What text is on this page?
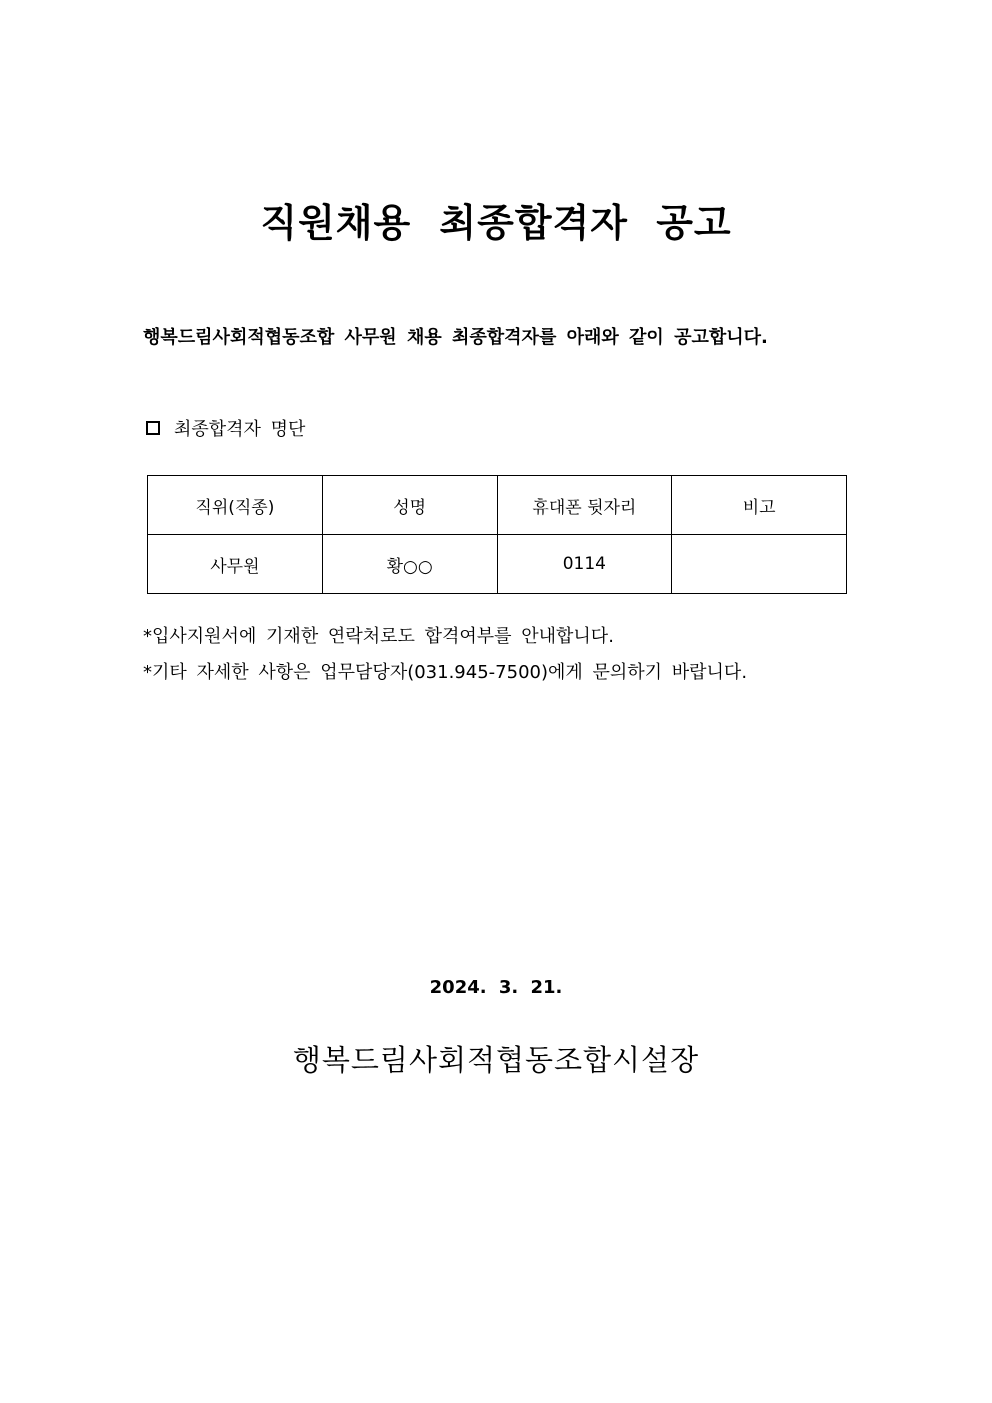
직원채용 최종합격자 공고
행복드림사회적협동조합 사무원 채용 최종합격자를 아래와 같이 공고합니다.
최종합격자 명단
직위(직종)	성명	휴대폰 뒷자리	비고
사무원	황○○	0114	
*입사지원서에 기재한 연락처로도 합격여부를 안내합니다.
*기타 자세한 사항은 업무담당자(031.945-7500)에게 문의하기 바랍니다.
2024. 3. 21.
행복드림사회적협동조합시설장
